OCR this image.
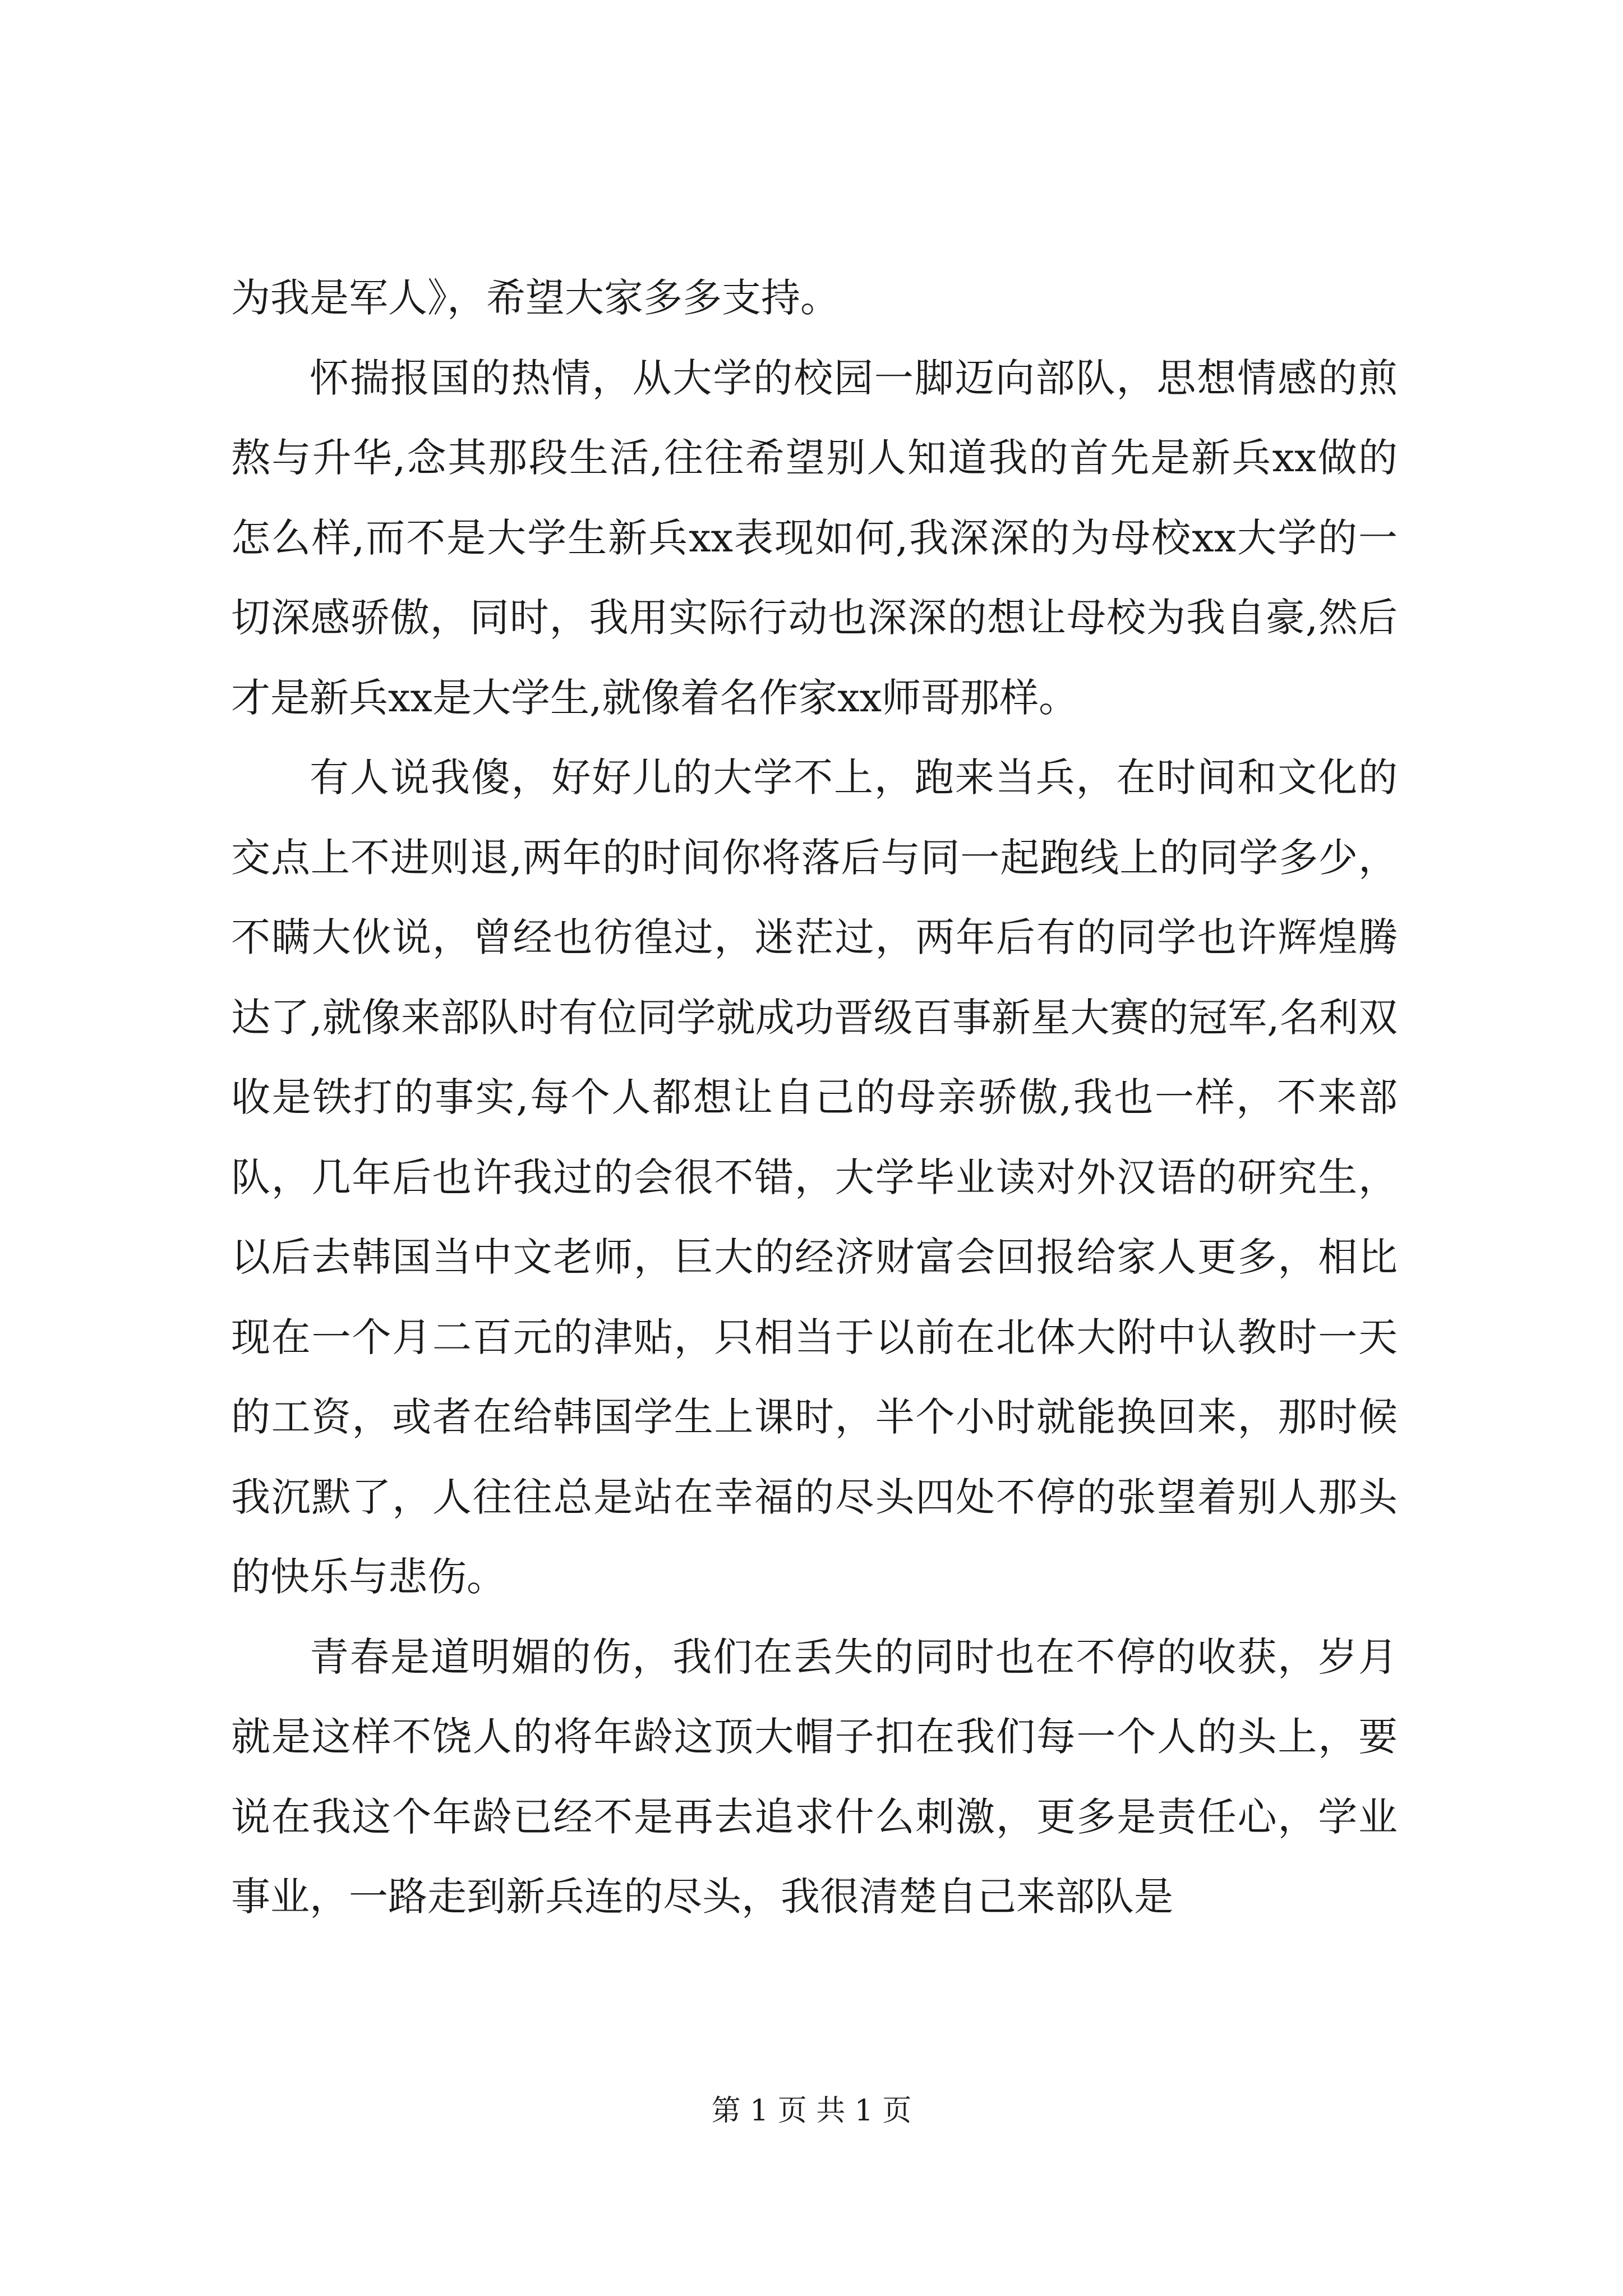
为我是军人》，希望大家多多支持。

怀揣报国的热情，从大学的校园一脚迈向部队，思想情感的煎熬与升华,念其那段生活,往往希望别人知道我的首先是新兵xx做的怎么样,而不是大学生新兵xx表现如何,我深深的为母校xx大学的一切深感骄傲，同时，我用实际行动也深深的想让母校为我自豪,然后才是新兵xx是大学生,就像着名作家xx师哥那样。

有人说我傻，好好儿的大学不上，跑来当兵，在时间和文化的交点上不进则退,两年的时间你将落后与同一起跑线上的同学多少，不瞒大伙说，曾经也彷徨过，迷茫过，两年后有的同学也许辉煌腾达了,就像来部队时有位同学就成功晋级百事新星大赛的冠军,名利双收是铁打的事实,每个人都想让自己的母亲骄傲,我也一样，不来部队，几年后也许我过的会很不错，大学毕业读对外汉语的研究生，以后去韩国当中文老师，巨大的经济财富会回报给家人更多，相比现在一个月二百元的津贴，只相当于以前在北体大附中认教时一天的工资，或者在给韩国学生上课时，半个小时就能换回来，那时候我沉默了，人往往总是站在幸福的尽头四处不停的张望着别人那头的快乐与悲伤。

青春是道明媚的伤，我们在丢失的同时也在不停的收获，岁月就是这样不饶人的将年龄这顶大帽子扣在我们每一个人的头上，要说在我这个年龄已经不是再去追求什么刺激，更多是责任心，学业事业，一路走到新兵连的尽头，我很清楚自己来部队是

第 1 页 共 1 页
